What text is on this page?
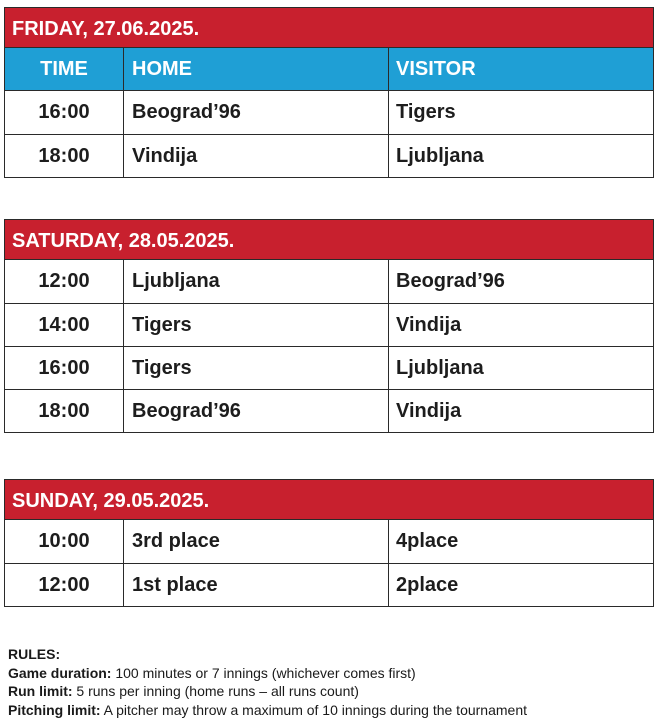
FRIDAY, 27.06.2025.
TIME	HOME	VISITOR
16:00	Beograd’96	Tigers
18:00	Vindija	Ljubljana
SATURDAY, 28.05.2025.
12:00	Ljubljana	Beograd’96
14:00	Tigers	Vindija
16:00	Tigers	Ljubljana
18:00	Beograd’96	Vindija
SUNDAY, 29.05.2025.
10:00	3rd place	4place
12:00	1st place	2place
RULES:
Game duration: 100 minutes or 7 innings (whichever comes first)
Run limit: 5 runs per inning (home runs – all runs count)
Pitching limit: A pitcher may throw a maximum of 10 innings during the tournament
